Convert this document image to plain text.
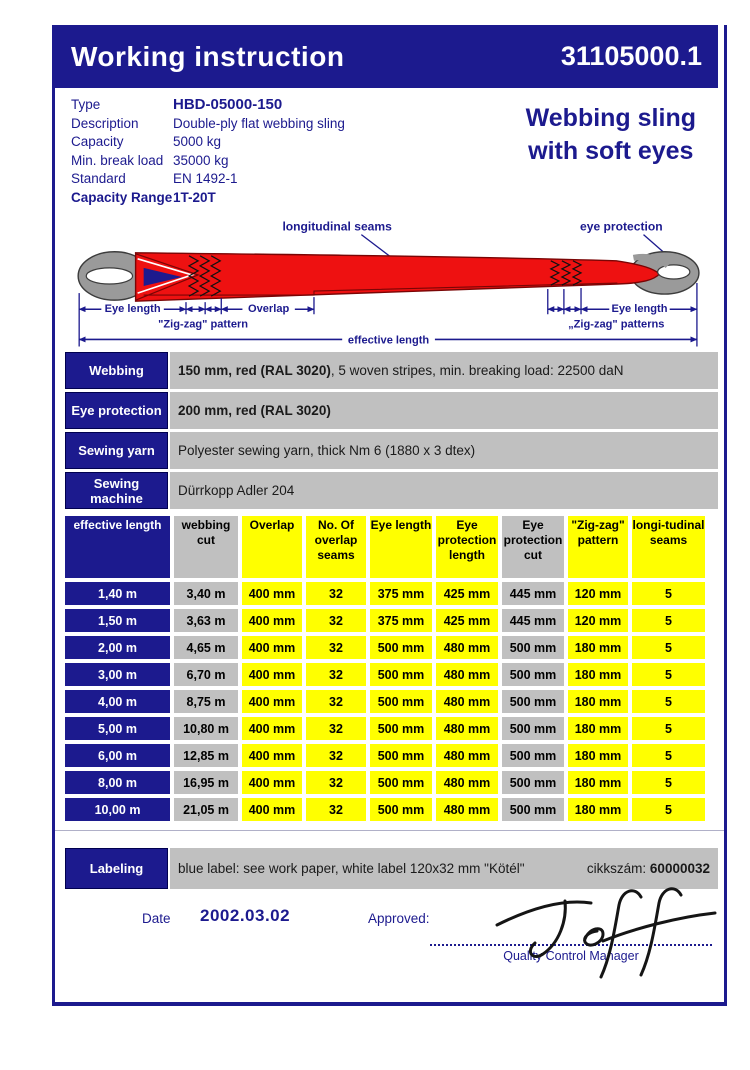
Working instruction	31105000.1
Type	HBD-05000-150
Description	Double-ply flat webbing sling
Capacity	5000 kg
Min. break load 35000 kg
Standard	EN 1492-1
Capacity Range 1T-20T
Webbing sling
with soft eyes
longitudinal seams	eye protection
Eye length	Overlap	Eye length
"Zig-zag" pattern	„Zig-zag" patterns
effective length
Webbing	150 mm, red (RAL 3020) , 5 woven stripes, min. breaking load: 22500 daN
Eye protection	200 mm, red (RAL 3020)
Sewing yarn	Polyester sewing yarn, thick Nm 6 (1880 x 3 dtex)
Sewing machine	Dürrkopp Adler 204
effective length	webbing cut	Overlap	No. Of overlap seams	Eye length	Eye protection length	Eye protection cut	"Zig-zag" pattern	longi-tudinal seams
1,40 m	3,40 m	400 mm	32	375 mm	425 mm	445 mm	120 mm	5
1,50 m	3,63 m	400 mm	32	375 mm	425 mm	445 mm	120 mm	5
2,00 m	4,65 m	400 mm	32	500 mm	480 mm	500 mm	180 mm	5
3,00 m	6,70 m	400 mm	32	500 mm	480 mm	500 mm	180 mm	5
4,00 m	8,75 m	400 mm	32	500 mm	480 mm	500 mm	180 mm	5
5,00 m	10,80 m	400 mm	32	500 mm	480 mm	500 mm	180 mm	5
6,00 m	12,85 m	400 mm	32	500 mm	480 mm	500 mm	180 mm	5
8,00 m	16,95 m	400 mm	32	500 mm	480 mm	500 mm	180 mm	5
10,00 m	21,05 m	400 mm	32	500 mm	480 mm	500 mm	180 mm	5
Labeling	blue label: see work paper, white label 120x32 mm "Kötél"	cikkszám: 60000032
Date 2002.03.02	Approved:
Quality Control Manager
